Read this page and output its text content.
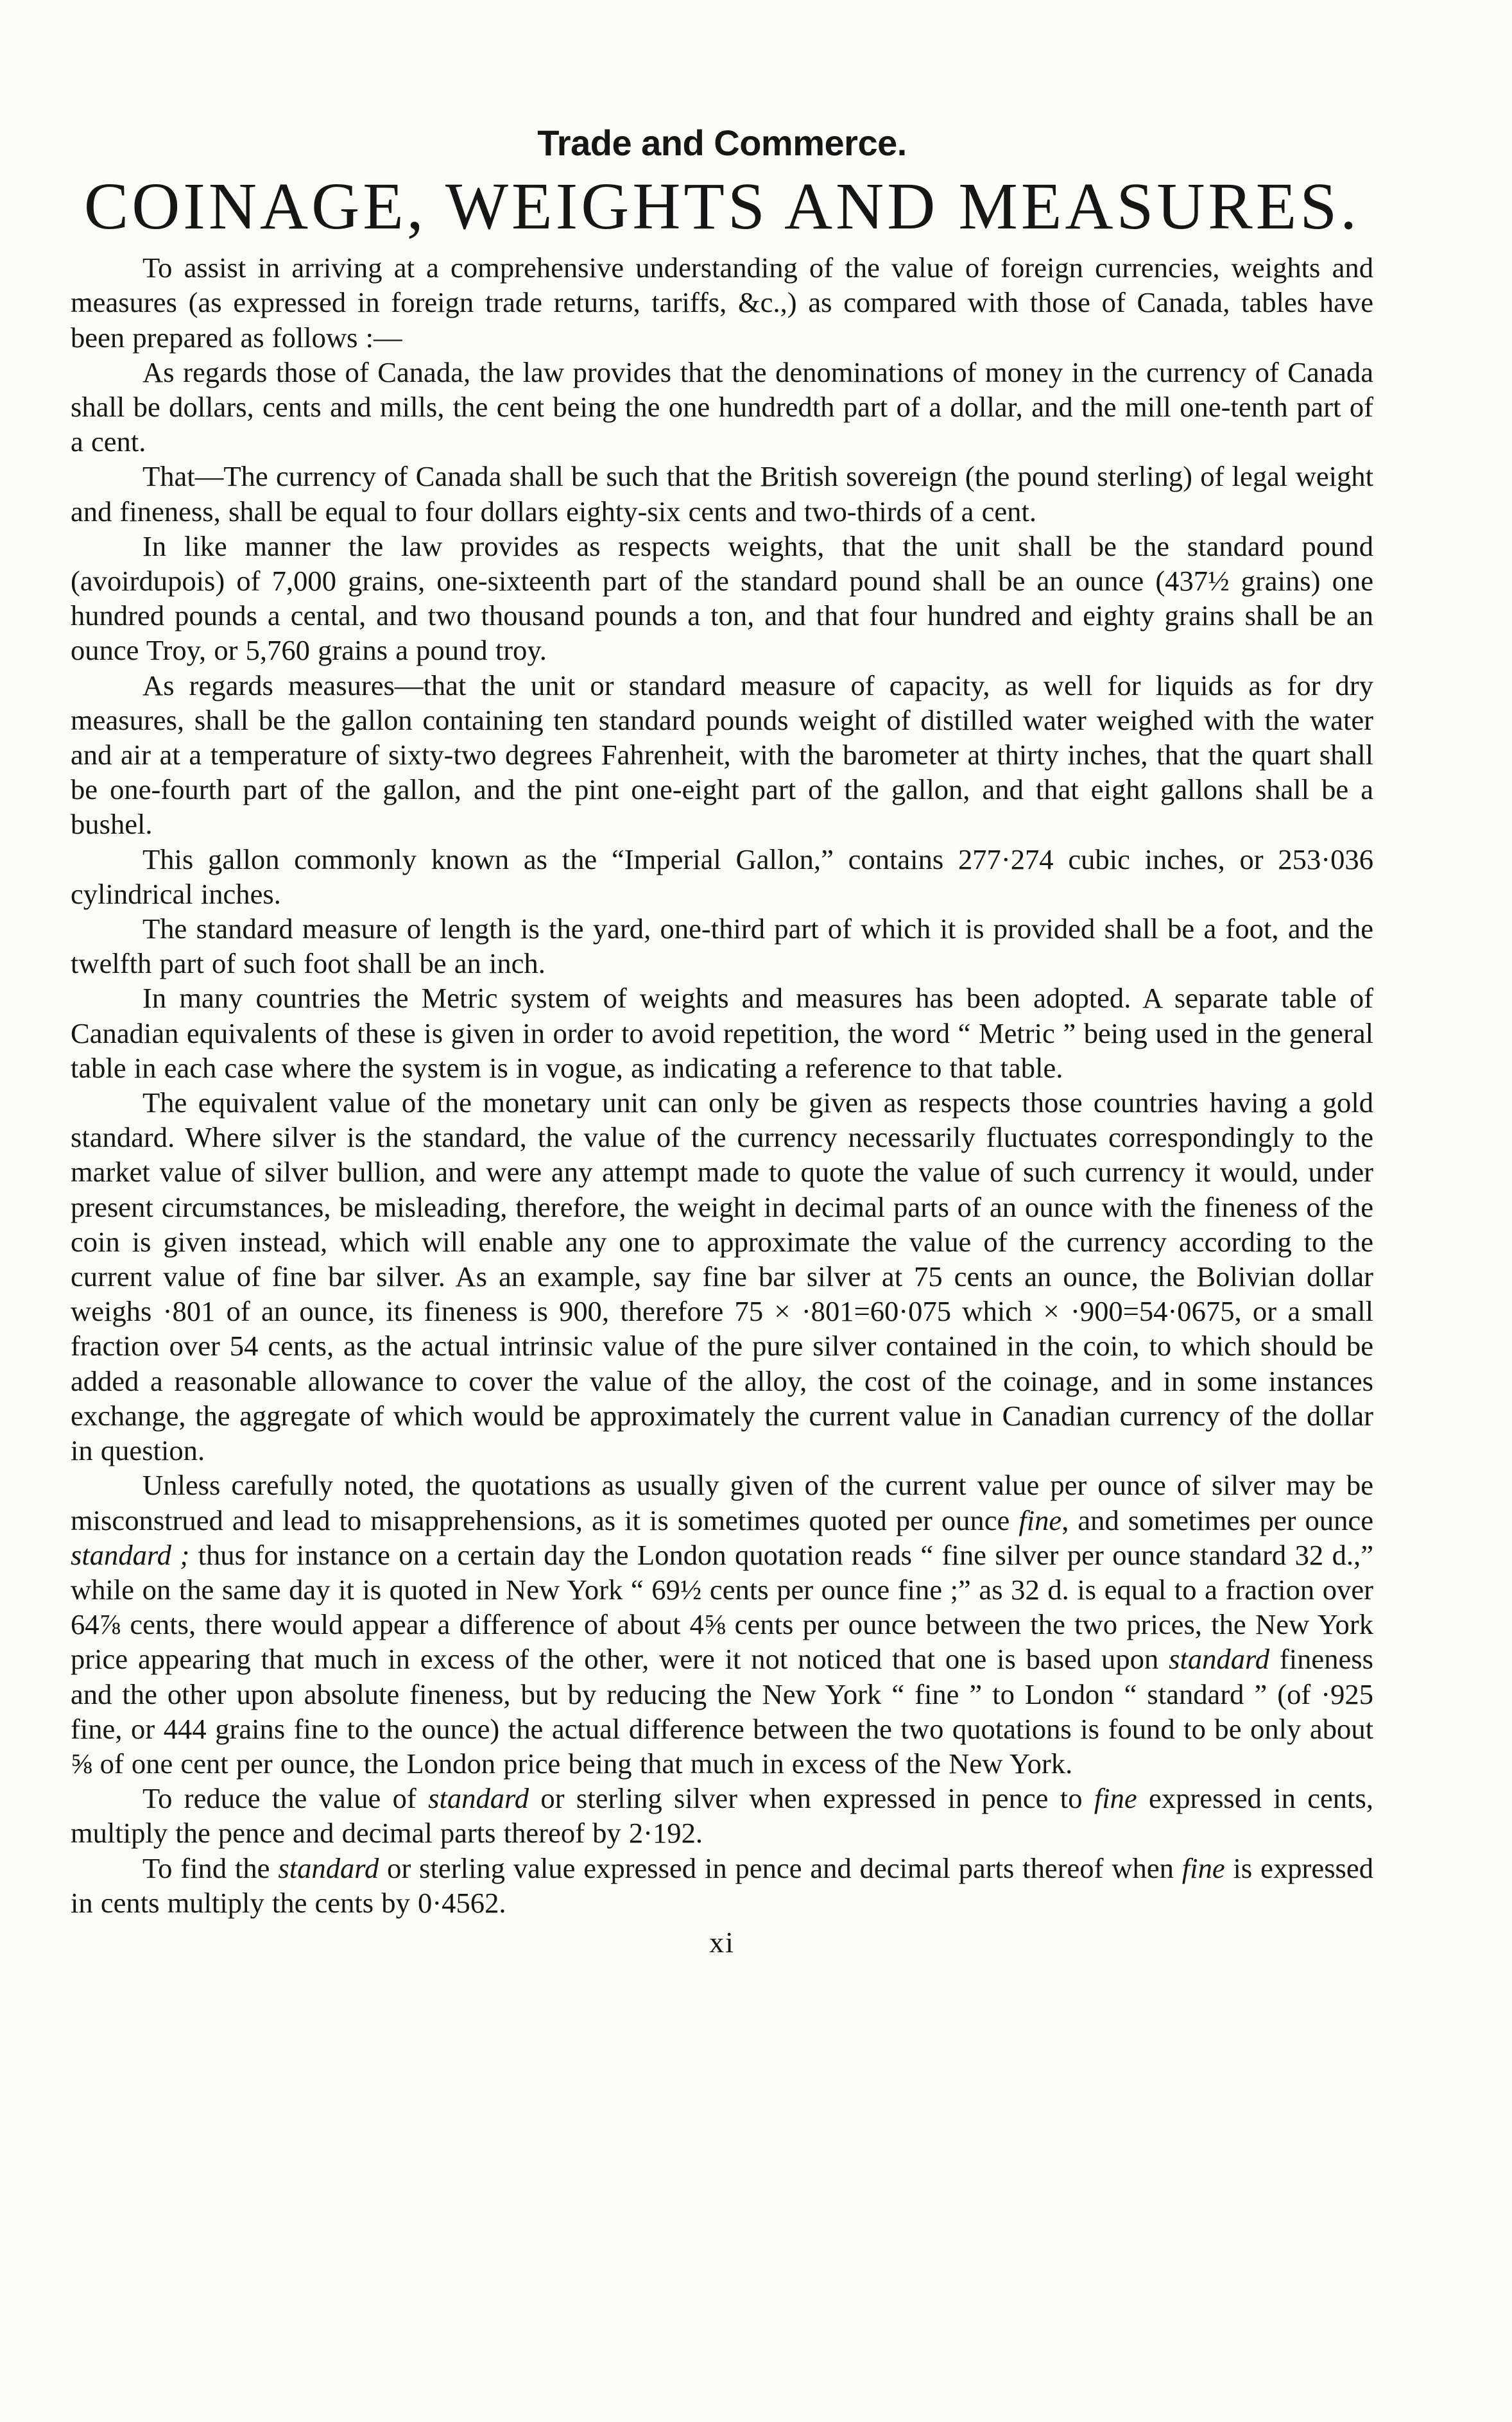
Trade and Commerce.
COINAGE, WEIGHTS AND MEASURES.

To assist in arriving at a comprehensive understanding of the value of foreign currencies, weights and measures (as expressed in foreign trade returns, tariffs, &c.,) as compared with those of Canada, tables have been prepared as follows :—

As regards those of Canada, the law provides that the denominations of money in the currency of Canada shall be dollars, cents and mills, the cent being the one hundredth part of a dollar, and the mill one-tenth part of a cent.

That—The currency of Canada shall be such that the British sovereign (the pound sterling) of legal weight and fineness, shall be equal to four dollars eighty-six cents and two-thirds of a cent.

In like manner the law provides as respects weights, that the unit shall be the standard pound (avoirdupois) of 7,000 grains, one-sixteenth part of the standard pound shall be an ounce (437½ grains) one hundred pounds a cental, and two thousand pounds a ton, and that four hundred and eighty grains shall be an ounce Troy, or 5,760 grains a pound troy.

As regards measures—that the unit or standard measure of capacity, as well for liquids as for dry measures, shall be the gallon containing ten standard pounds weight of distilled water weighed with the water and air at a temperature of sixty-two degrees Fahrenheit, with the barometer at thirty inches, that the quart shall be one-fourth part of the gallon, and the pint one-eight part of the gallon, and that eight gallons shall be a bushel.

This gallon commonly known as the “Imperial Gallon,” contains 277·274 cubic inches, or 253·036 cylindrical inches.

The standard measure of length is the yard, one-third part of which it is provided shall be a foot, and the twelfth part of such foot shall be an inch.

In many countries the Metric system of weights and measures has been adopted. A separate table of Canadian equivalents of these is given in order to avoid repetition, the word “ Metric ” being used in the general table in each case where the system is in vogue, as indicating a reference to that table.

The equivalent value of the monetary unit can only be given as respects those countries having a gold standard. Where silver is the standard, the value of the currency necessarily fluctuates correspondingly to the market value of silver bullion, and were any attempt made to quote the value of such currency it would, under present circumstances, be misleading, therefore, the weight in decimal parts of an ounce with the fineness of the coin is given instead, which will enable any one to approximate the value of the currency according to the current value of fine bar silver. As an example, say fine bar silver at 75 cents an ounce, the Bolivian dollar weighs ·801 of an ounce, its fineness is 900, therefore 75 × ·801=60·075 which × ·900=54·0675, or a small fraction over 54 cents, as the actual intrinsic value of the pure silver contained in the coin, to which should be added a reasonable allowance to cover the value of the alloy, the cost of the coinage, and in some instances exchange, the aggregate of which would be approximately the current value in Canadian currency of the dollar in question.

Unless carefully noted, the quotations as usually given of the current value per ounce of silver may be misconstrued and lead to misapprehensions, as it is sometimes quoted per ounce fine, and sometimes per ounce standard ; thus for instance on a certain day the London quotation reads “ fine silver per ounce standard 32 d.,” while on the same day it is quoted in New York “ 69½ cents per ounce fine ;” as 32 d. is equal to a fraction over 64⅞ cents, there would appear a difference of about 4⅝ cents per ounce between the two prices, the New York price appearing that much in excess of the other, were it not noticed that one is based upon standard fineness and the other upon absolute fineness, but by reducing the New York “ fine ” to London “ standard ” (of ·925 fine, or 444 grains fine to the ounce) the actual difference between the two quotations is found to be only about ⅝ of one cent per ounce, the London price being that much in excess of the New York.

To reduce the value of standard or sterling silver when expressed in pence to fine expressed in cents, multiply the pence and decimal parts thereof by 2·192.

To find the standard or sterling value expressed in pence and decimal parts thereof when fine is expressed in cents multiply the cents by 0·4562.

xi
